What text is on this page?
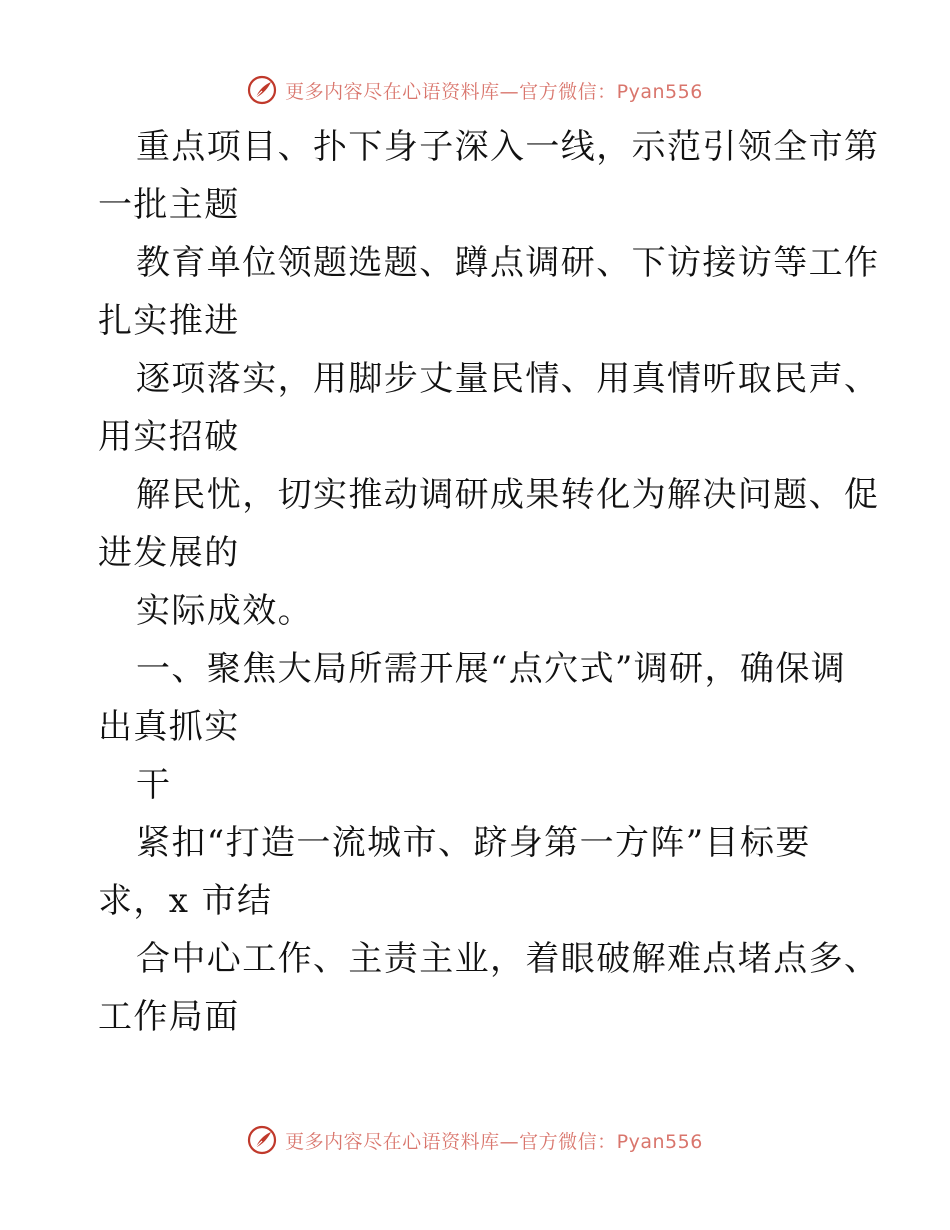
更多内容尽在心语资料库—官方微信：Pyan556
重点项目、扑下身子深入一线，示范引领全市第
一批主题
教育单位领题选题、蹲点调研、下访接访等工作
扎实推进
逐项落实，用脚步丈量民情、用真情听取民声、
用实招破
解民忧，切实推动调研成果转化为解决问题、促
进发展的
实际成效。
一、聚焦大局所需开展“点穴式”调研，确保调
出真抓实
干
紧扣“打造一流城市、跻身第一方阵”目标要
求，x 市结
合中心工作、主责主业，着眼破解难点堵点多、
工作局面
更多内容尽在心语资料库—官方微信：Pyan556
